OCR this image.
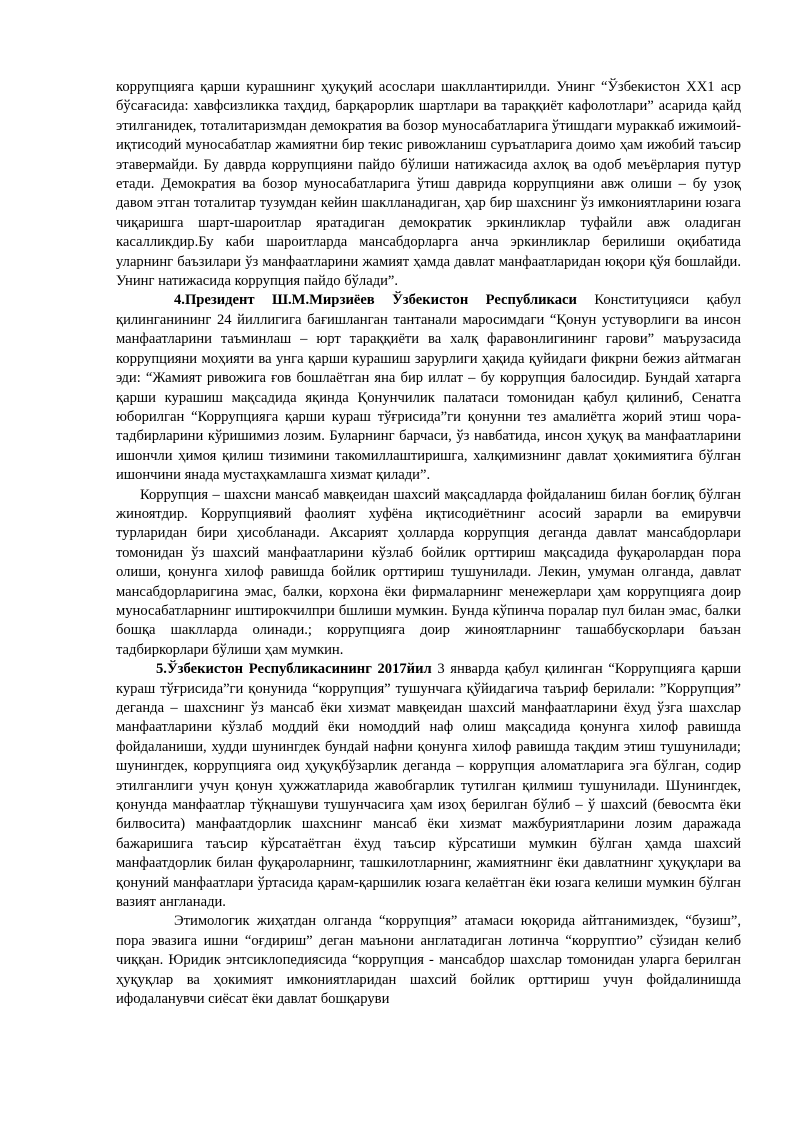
коррупцияга қарши курашнинг ҳуқуқий асослари шакллантирилди. Унинг “Ўзбекистон XX1 аср бўсағасида: хавфсизликка таҳдид, барқарорлик шартлари ва тараққиёт кафолотлари” асарида қайд этилганидек, тоталитаризмдан демократия ва бозор муносабатларига ўтишдаги мураккаб ижимоий-иқтисодий муносабатлар жамиятни бир текис ривожланиш суръатларига доимо ҳам ижобий таъсир этавермайди. Бу даврда коррупцияни пайдо бўлиши натижасида ахлоқ ва одоб меъёрлария путур етади. Демократия ва бозор муносабатларига ўтиш даврида коррупцияни авж олиши – бу узоқ давом этган тоталитар тузумдан кейин шаклланадиган, ҳар бир шахснинг ўз имкониятларини юзага чиқаришга шарт-шароитлар яратадиган демократик эркинликлар туфайли авж оладиган касалликдир.Бу каби шароитларда мансабдорларга анча эркинликлар берилиши оқибатида уларнинг баъзилари ўз манфаатларини жамият ҳамда давлат манфаатларидан юқори қўя бошлайди. Унинг натижасида коррупция пайдо бўлади”.

4.Президент Ш.М.Мирзиёев Ўзбекистон Республикаси Конституцияси қабул қилинганининг 24 йиллигига бағишланган тантанали маросимдаги “Қонун устуворлиги ва инсон манфаатларини таъминлаш – юрт тараққиёти ва халқ фаравонлигининг гарови” маърузасида коррупцияни моҳияти ва унга қарши курашиш зарурлиги ҳақида қуйидаги фикрни бежиз айтмаган эди: “Жамият ривожига ғов бошлаётган яна бир иллат – бу коррупция балосидир. Бундай хатарга қарши курашиш мақсадида яқинда Қонунчилик палатаси томонидан қабул қилиниб, Сенатга юборилган “Коррупцияга қарши кураш тўғрисида”ги қонунни тез амалиётга жорий этиш чора-тадбирларини кўришимиз лозим. Буларнинг барчаси, ўз навбатида, инсон ҳуқуқ ва манфаатларини ишончли ҳимоя қилиш тизимини такомиллаштиришга, халқимизнинг давлат ҳокимиятига бўлган ишончини янада мустаҳкамлашга хизмат қилади”.

Коррупция – шахсни мансаб мавқеидан шахсий мақсадларда фойдаланиш билан боғлиқ бўлган жиноятдир. Коррупциявий фаолият хуфёна иқтисодиётнинг асосий зарарли ва емирувчи турларидан бири ҳисобланади. Аксарият ҳолларда коррупция деганда давлат мансабдорлари томонидан ўз шахсий манфаатларини кўзлаб бойлик орттириш мақсадида фуқаролардан пора олиши, қонунга хилоф равишда бойлик орттириш тушунилади. Лекин, умуман олганда, давлат мансабдорларигина эмас, балки, корхона ёки фирмаларнинг менежерлари ҳам коррупцияга доир муносабатларнинг иштирокчилпри бшлиши мумкин. Бунда кўпинча поралар пул билан эмас, балки бошқа шаклларда олинади.; коррупцияга доир жиноятларнинг ташаббускорлари баъзан тадбиркорлари бўлиши ҳам мумкин.

5.Ўзбекистон Республикасининг 2017йил 3 январда қабул қилинган “Коррупцияга қарши кураш тўғрисида”ги қонунида “коррупция” тушунчага қўйидагича таъриф берилали: ”Коррупция” деганда – шахснинг ўз мансаб ёки хизмат мавқеидан шахсий манфаатларини ёхуд ўзга шахслар манфаатларини кўзлаб моддий ёки номоддий наф олиш мақсадида қонунга хилоф равишда фойдаланиши, худди шунингдек бундай нафни қонунга хилоф равишда тақдим этиш тушунилади; шунингдек, коррупцияга оид ҳуқуқбўзарлик деганда – коррупция аломатларига эга бўлган, содир этилганлиги учун қонун ҳужжатларида жавобгарлик тутилган қилмиш тушунилади. Шунингдек, қонунда манфаатлар тўқнашуви тушунчасига ҳам изоҳ берилган бўлиб – ў шахсий (бевосмта ёки билвосита) манфаатдорлик шахснинг мансаб ёки хизмат мажбуриятларини лозим даражада бажаришига таъсир кўрсатаётган ёхуд таъсир кўрсатиши мумкин бўлган ҳамда шахсий манфаатдорлик билан фуқароларнинг, ташкилотларнинг, жамиятнинг ёки давлатнинг ҳуқуқлари ва қонуний манфаатлари ўртасида қарам-қаршилик юзага келаётган ёки юзага келиши мумкин бўлган вазият англанади.

Этимологик жиҳатдан олганда “коррупция” атамаси юқорида айтганимиздек, “бузиш”, пора эвазига ишни “оғдириш” деган маънони англатадиган лотинча “корруптио” сўзидан келиб чиққан. Юридик энтсиклопедиясида “коррупция - мансабдор шахслар томонидан уларга берилган ҳуқуқлар ва ҳокимият имкониятларидан шахсий бойлик орттириш учун фойдалинишда ифодаланувчи сиёсат ёки давлат бошқаруви
